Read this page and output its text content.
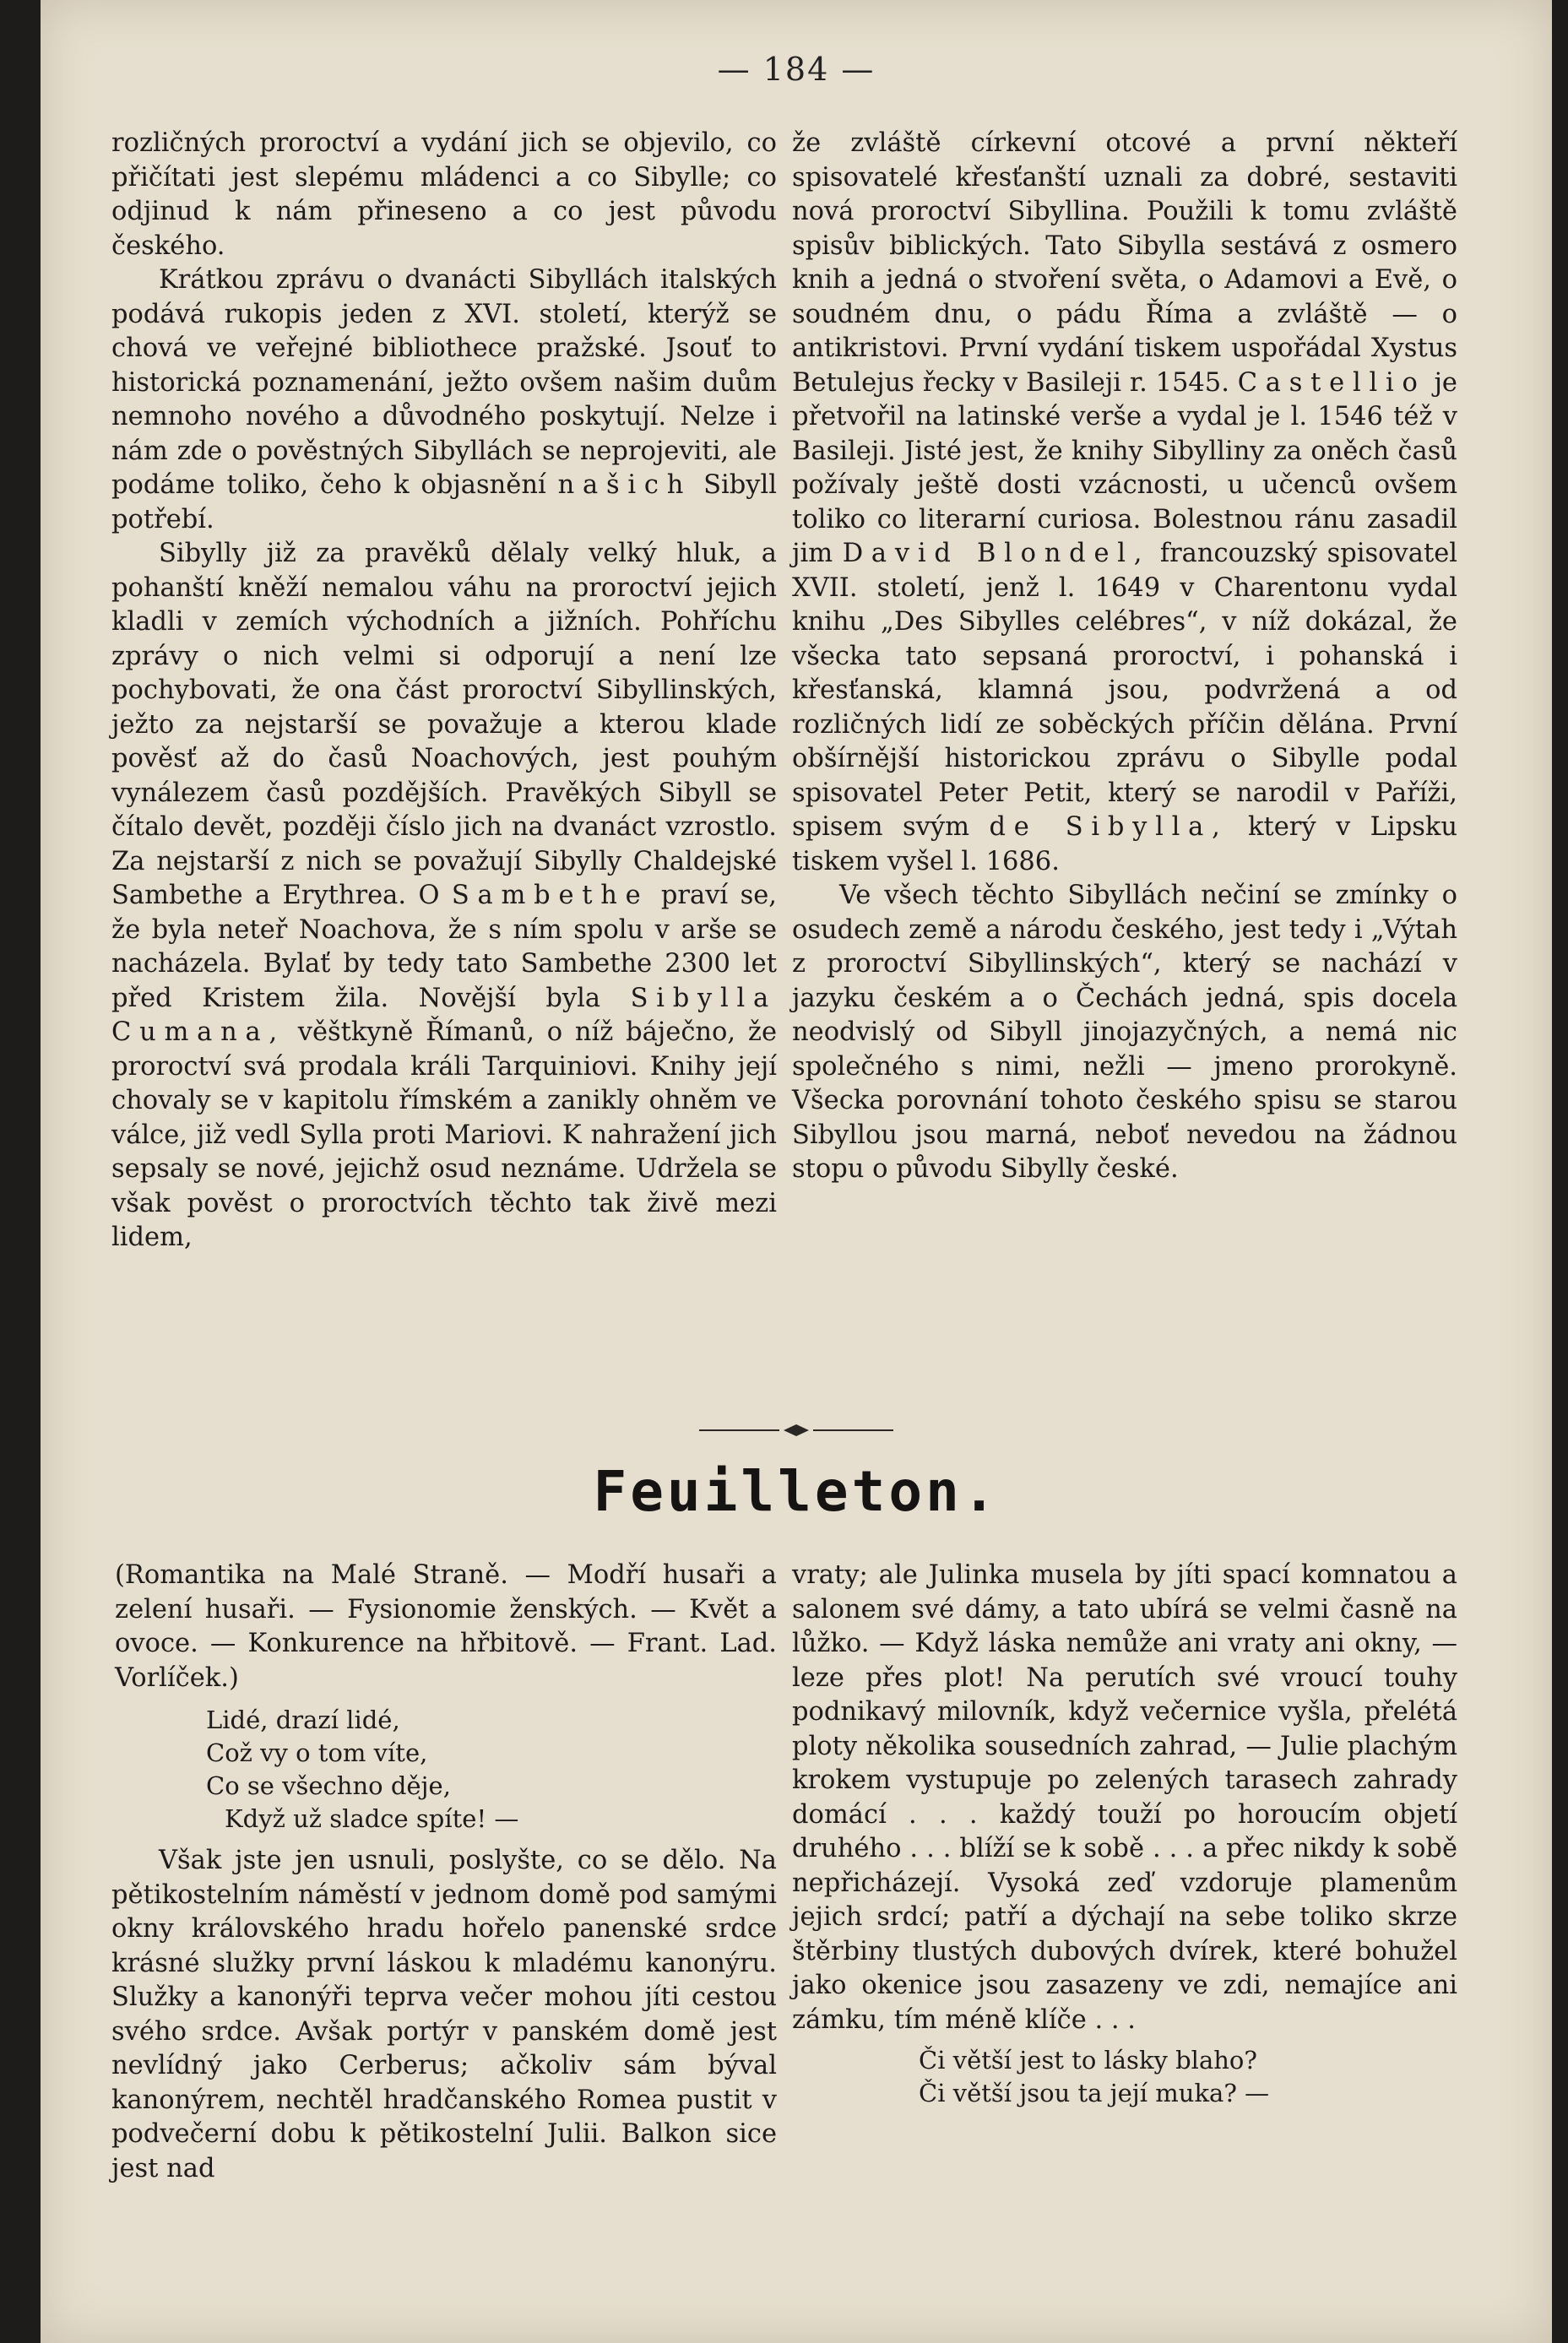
— 184 —

rozličných proroctví a vydání jich se objevilo, co přičítati jest slepému mládenci a co Sibylle; co odjinud k nám přineseno a co jest původu českého.

Krátkou zprávu o dvanácti Sibyllách italských podává rukopis jeden z XVI. století, kterýž se chová ve veřejné bibliothece pražské. Jsouť to historická poznamenání, ježto ovšem našim duům nemnoho nového a důvodného poskytují. Nelze i nám zde o pověstných Sibyllách se neprojeviti, ale podáme toliko, čeho k objasnění našich Sibyll potřebí.

Sibylly již za pravěků dělaly velký hluk, a pohanští kněží nemalou váhu na proroctví jejich kladli v zemích východních a jižních. Pohříchu zprávy o nich velmi si odporují a není lze pochybovati, že ona část proroctví Sibyllinských, ježto za nejstarší se považuje a kterou klade pověsť až do časů Noachových, jest pouhým vynálezem časů pozdějších. Pravěkých Sibyll se čítalo devět, později číslo jich na dvanáct vzrostlo. Za nejstarší z nich se považují Sibylly Chaldejské Sambethe a Erythrea. O Sambethe praví se, že byla neteř Noachova, že s ním spolu v arše se nacházela. Bylať by tedy tato Sambethe 2300 let před Kristem žila. Novější byla Sibylla Cumana, věštkyně Římanů, o níž báječno, že proroctví svá prodala králi Tarquiniovi. Knihy její chovaly se v kapitolu římském a zanikly ohněm ve válce, již vedl Sylla proti Mariovi. K nahražení jich sepsaly se nové, jejichž osud neznáme. Udržela se však pověst o proroctvích těchto tak živě mezi lidem,

že zvláště církevní otcové a první někteří spisovatelé křesťanští uznali za dobré, sestaviti nová proroctví Sibyllina. Použili k tomu zvláště spisův biblických. Tato Sibylla sestává z osmero knih a jedná o stvoření světa, o Adamovi a Evě, o soudném dnu, o pádu Říma a zvláště — o antikristovi. První vydání tiskem uspořádal Xystus Betulejus řecky v Basileji r. 1545. Castellio je přetvořil na latinské verše a vydal je l. 1546 též v Basileji. Jisté jest, že knihy Sibylliny za oněch časů požívaly ještě dosti vzácnosti, u učenců ovšem toliko co literarní curiosa. Bolestnou ránu zasadil jim David Blondel, francouzský spisovatel XVII. století, jenž l. 1649 v Charentonu vydal knihu „Des Sibylles celébres“, v níž dokázal, že všecka tato sepsaná proroctví, i pohanská i křesťanská, klamná jsou, podvržená a od rozličných lidí ze soběckých příčin dělána. První obšírnější historickou zprávu o Sibylle podal spisovatel Peter Petit, který se narodil v Paříži, spisem svým de Sibylla, který v Lipsku tiskem vyšel l. 1686.

Ve všech těchto Sibyllách nečiní se zmínky o osudech země a národu českého, jest tedy i „Výtah z proroctví Sibyllinských“, který se nachází v jazyku českém a o Čechách jedná, spis docela neodvislý od Sibyll jinojazyčných, a nemá nic společného s nimi, nežli — jmeno prorokyně. Všecka porovnání tohoto českého spisu se starou Sibyllou jsou marná, neboť nevedou na žádnou stopu o původu Sibylly české.

Feuilleton.

(Romantika na Malé Straně. — Modří husaři a zelení husaři. — Fysionomie ženských. — Květ a ovoce. — Konkurence na hřbitově. — Frant. Lad. Vorlíček.)

Lidé, drazí lidé,
Což vy o tom víte,
Co se všechno děje,
Když už sladce spíte! —

Však jste jen usnuli, poslyšte, co se dělo. Na pětikostelním náměstí v jednom domě pod samými okny královského hradu hořelo panenské srdce krásné služky první láskou k mladému kanonýru. Služky a kanonýři teprva večer mohou jíti cestou svého srdce. Avšak portýr v panském domě jest nevlídný jako Cerberus; ačkoliv sám býval kanonýrem, nechtěl hradčanského Romea pustit v podvečerní dobu k pětikostelní Julii. Balkon sice jest nad

vraty; ale Julinka musela by jíti spací komnatou a salonem své dámy, a tato ubírá se velmi časně na lůžko. — Když láska nemůže ani vraty ani okny, — leze přes plot! Na perutích své vroucí touhy podnikavý milovník, když večernice vyšla, přelétá ploty několika sousedních zahrad, — Julie plachým krokem vystupuje po zelených tarasech zahrady domácí . . . každý touží po horoucím objetí druhého . . . blíží se k sobě . . . a přec nikdy k sobě nepřicházejí. Vysoká zeď vzdoruje plamenům jejich srdcí; patří a dýchají na sebe toliko skrze štěrbiny tlustých dubových dvírek, které bohužel jako okenice jsou zasazeny ve zdi, nemajíce ani zámku, tím méně klíče . . .

Či větší jest to lásky blaho?
Či větší jsou ta její muka? —
